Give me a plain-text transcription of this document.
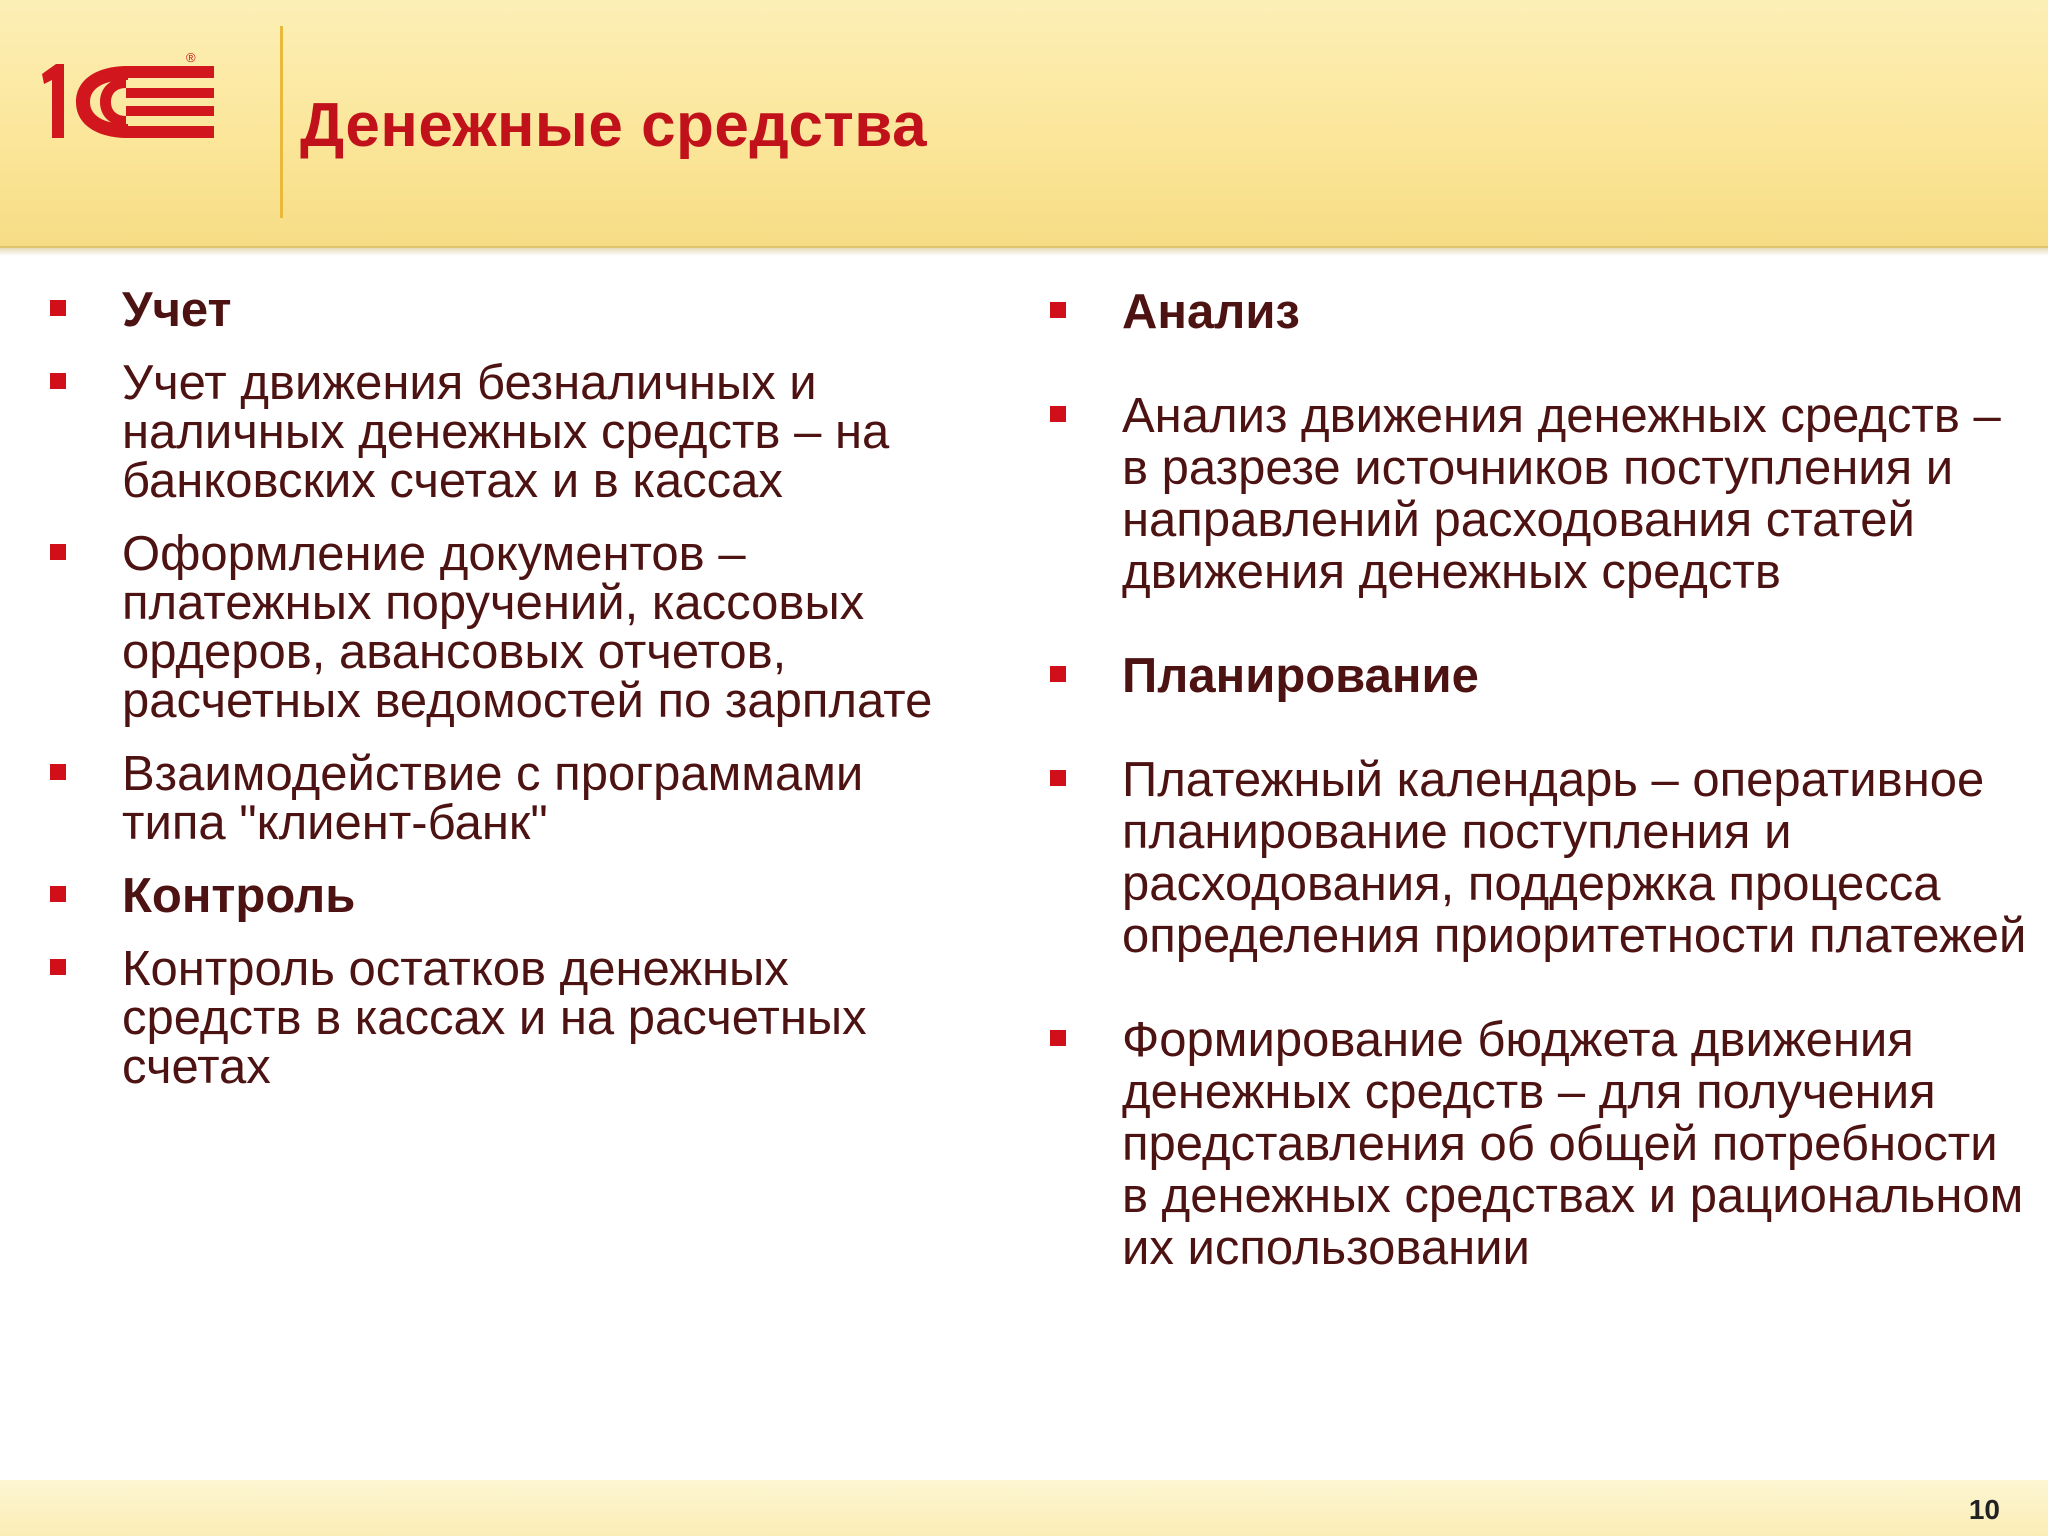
®
Денежные средства
Учет
Учет движения безналичных и наличных денежных средств – на банковских счетах и в кассах
Оформление документов – платежных поручений, кассовых ордеров, авансовых отчетов, расчетных ведомостей по зарплате
Взаимодействие с программами типа "клиент-банк"
Контроль
Контроль остатков денежных средств в кассах и на расчетных счетах
Анализ
Анализ движения денежных средств – в разрезе источников поступления и направлений расходования статей движения денежных средств
Планирование
Платежный календарь – оперативное планирование поступления и расходования, поддержка процесса определения приоритетности платежей
Формирование бюджета движения денежных средств – для получения представления об общей потребности в денежных средствах и рациональном их использовании
10
